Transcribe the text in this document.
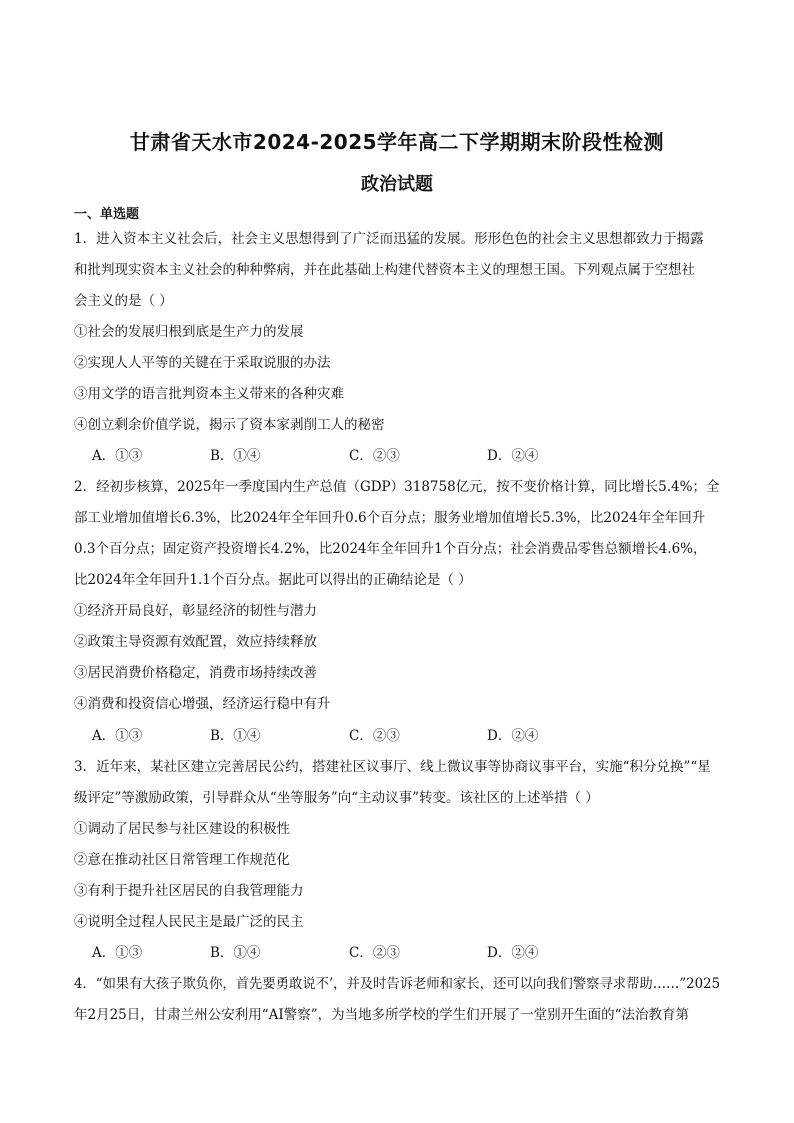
甘肃省天水市2024-2025学年高二下学期期末阶段性检测
政治试题
一、单选题
1．进入资本主义社会后，社会主义思想得到了广泛而迅猛的发展。形形色色的社会主义思想都致力于揭露
和批判现实资本主义社会的种种弊病，并在此基础上构建代替资本主义的理想王国。下列观点属于空想社
会主义的是（ ）
①社会的发展归根到底是生产力的发展
②实现人人平等的关键在于采取说服的办法
③用文学的语言批判资本主义带来的各种灾难
④创立剩余价值学说，揭示了资本家剥削工人的秘密
A．①③	B．①④	C．②③	D．②④
2．经初步核算，2025年一季度国内生产总值（GDP）318758亿元，按不变价格计算，同比增长5.4%；全
部工业增加值增长6.3%，比2024年全年回升0.6个百分点；服务业增加值增长5.3%，比2024年全年回升
0.3个百分点；固定资产投资增长4.2%，比2024年全年回升1个百分点；社会消费品零售总额增长4.6%，
比2024年全年回升1.1个百分点。据此可以得出的正确结论是（ ）
①经济开局良好，彰显经济的韧性与潜力
②政策主导资源有效配置，效应持续释放
③居民消费价格稳定，消费市场持续改善
④消费和投资信心增强，经济运行稳中有升
A．①③	B．①④	C．②③	D．②④
3．近年来，某社区建立完善居民公约，搭建社区议事厅、线上微议事等协商议事平台，实施“积分兑换”“星
级评定”等激励政策，引导群众从“坐等服务”向“主动议事”转变。该社区的上述举措（ ）
①调动了居民参与社区建设的积极性
②意在推动社区日常管理工作规范化
③有利于提升社区居民的自我管理能力
④说明全过程人民民主是最广泛的民主
A．①③	B．①④	C．②③	D．②④
4．“如果有大孩子欺负你，首先要勇敢说不’，并及时告诉老师和家长，还可以向我们警察寻求帮助……”2025
年2月25日，甘肃兰州公安利用“AI警察”，为当地多所学校的学生们开展了一堂别开生面的“法治教育第
